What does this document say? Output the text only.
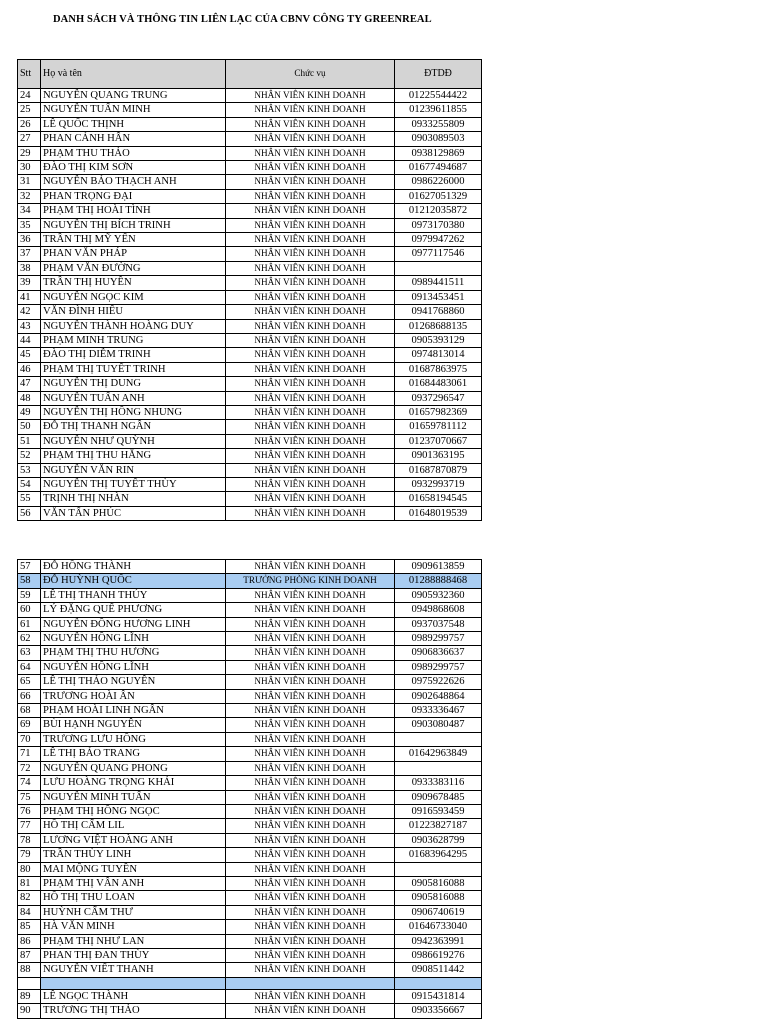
DANH SÁCH VÀ THÔNG TIN LIÊN LẠC CỦA CBNV CÔNG TY GREENREAL
Stt	Họ và tên	Chức vụ	ĐTDĐ
24	NGUYỄN QUANG TRUNG	NHÂN VIÊN KINH DOANH	01225544422
25	NGUYỄN TUẤN MINH	NHÂN VIÊN KINH DOANH	01239611855
26	LÊ QUỐC THỊNH	NHÂN VIÊN KINH DOANH	0933255809
27	PHAN CẢNH HÂN	NHÂN VIÊN KINH DOANH	0903089503
29	PHẠM THU THẢO	NHÂN VIÊN KINH DOANH	0938129869
30	ĐÀO THỊ KIM SƠN	NHÂN VIÊN KINH DOANH	01677494687
31	NGUYỄN BẢO THẠCH ANH	NHÂN VIÊN KINH DOANH	0986226000
32	PHAN TRỌNG ĐẠI	NHÂN VIÊN KINH DOANH	01627051329
34	PHẠM THỊ HOÀI TÌNH	NHÂN VIÊN KINH DOANH	01212035872
35	NGUYỄN THỊ BÍCH TRINH	NHÂN VIÊN KINH DOANH	0973170380
36	TRẦN THỊ MỸ YẾN	NHÂN VIÊN KINH DOANH	0979947262
37	PHAN VĂN PHÁP	NHÂN VIÊN KINH DOANH	0977117546
38	PHẠM VĂN ĐƯỜNG	NHÂN VIÊN KINH DOANH	
39	TRẦN THỊ HUYỀN	NHÂN VIÊN KINH DOANH	0989441511
41	NGUYỄN NGỌC KIM	NHÂN VIÊN KINH DOANH	0913453451
42	VĂN ĐÌNH HIẾU	NHÂN VIÊN KINH DOANH	0941768860
43	NGUYỄN THÀNH HOÀNG DUY	NHÂN VIÊN KINH DOANH	01268688135
44	PHẠM MINH TRUNG	NHÂN VIÊN KINH DOANH	0905393129
45	ĐÀO THỊ DIỄM TRINH	NHÂN VIÊN KINH DOANH	0974813014
46	PHẠM THỊ TUYẾT TRINH	NHÂN VIÊN KINH DOANH	01687863975
47	NGUYỄN THỊ DUNG	NHÂN VIÊN KINH DOANH	01684483061
48	NGUYỄN TUẤN ANH	NHÂN VIÊN KINH DOANH	0937296547
49	NGUYỄN THỊ HỒNG NHUNG	NHÂN VIÊN KINH DOANH	01657982369
50	ĐỖ THỊ THANH NGÂN	NHÂN VIÊN KINH DOANH	01659781112
51	NGUYỄN NHƯ QUỲNH	NHÂN VIÊN KINH DOANH	01237070667
52	PHẠM THỊ THU HẰNG	NHÂN VIÊN KINH DOANH	0901363195
53	NGUYỄN VĂN RIN	NHÂN VIÊN KINH DOANH	01687870879
54	NGUYỄN THỊ TUYẾT THÙY	NHÂN VIÊN KINH DOANH	0932993719
55	TRỊNH THỊ NHÀN	NHÂN VIÊN KINH DOANH	01658194545
56	VĂN TẤN PHÚC	NHÂN VIÊN KINH DOANH	01648019539
57	ĐỖ HỒNG THÀNH	NHÂN VIÊN KINH DOANH	0909613859
58	ĐỖ HUỲNH QUỐC	TRƯỞNG PHÒNG KINH DOANH	01288888468
59	LÊ THỊ THANH THÚY	NHÂN VIÊN KINH DOANH	0905932360
60	LÝ ĐẶNG QUẾ PHƯƠNG	NHÂN VIÊN KINH DOANH	0949868608
61	NGUYỄN ĐỒNG HƯƠNG LINH	NHÂN VIÊN KINH DOANH	0937037548
62	NGUYỄN HỒNG LĨNH	NHÂN VIÊN KINH DOANH	0989299757
63	PHẠM THỊ THU HƯƠNG	NHÂN VIÊN KINH DOANH	0906836637
64	NGUYỄN HỒNG LĨNH	NHÂN VIÊN KINH DOANH	0989299757
65	LÊ THỊ THẢO NGUYÊN	NHÂN VIÊN KINH DOANH	0975922626
66	TRƯƠNG HOÀI ÂN	NHÂN VIÊN KINH DOANH	0902648864
68	PHẠM HOÀI LINH NGÂN	NHÂN VIÊN KINH DOANH	0933336467
69	BÙI HẠNH NGUYÊN	NHÂN VIÊN KINH DOANH	0903080487
70	TRƯƠNG LƯU HỒNG	NHÂN VIÊN KINH DOANH	
71	LÊ THỊ BẢO TRANG	NHÂN VIÊN KINH DOANH	01642963849
72	NGUYỄN QUANG PHONG	NHÂN VIÊN KINH DOANH	
74	LƯU HOÀNG TRỌNG KHẢI	NHÂN VIÊN KINH DOANH	0933383116
75	NGUYỄN MINH TUẤN	NHÂN VIÊN KINH DOANH	0909678485
76	PHẠM THỊ HỒNG NGỌC	NHÂN VIÊN KINH DOANH	0916593459
77	HỒ THỊ CẨM LIL	NHÂN VIÊN KINH DOANH	01223827187
78	LƯƠNG VIỆT HOÀNG ANH	NHÂN VIÊN KINH DOANH	0903628799
79	TRẦN THÙY LINH	NHÂN VIÊN KINH DOANH	01683964295
80	MAI MỘNG TUYỀN	NHÂN VIÊN KINH DOANH	
81	PHẠM THỊ VÂN ANH	NHÂN VIÊN KINH DOANH	0905816088
82	HỒ THỊ THU LOAN	NHÂN VIÊN KINH DOANH	0905816088
84	HUỲNH CẨM THƯ	NHÂN VIÊN KINH DOANH	0906740619
85	HÀ VĂN MINH	NHÂN VIÊN KINH DOANH	01646733040
86	PHẠM THỊ NHƯ LAN	NHÂN VIÊN KINH DOANH	0942363991
87	PHAN THỊ ĐAN THÙY	NHÂN VIÊN KINH DOANH	0986619276
88	NGUYỄN VIẾT THANH	NHÂN VIÊN KINH DOANH	0908511442

89	LÊ NGỌC THÀNH	NHÂN VIÊN KINH DOANH	0915431814
90	TRƯƠNG THỊ THẢO	NHÂN VIÊN KINH DOANH	0903356667
